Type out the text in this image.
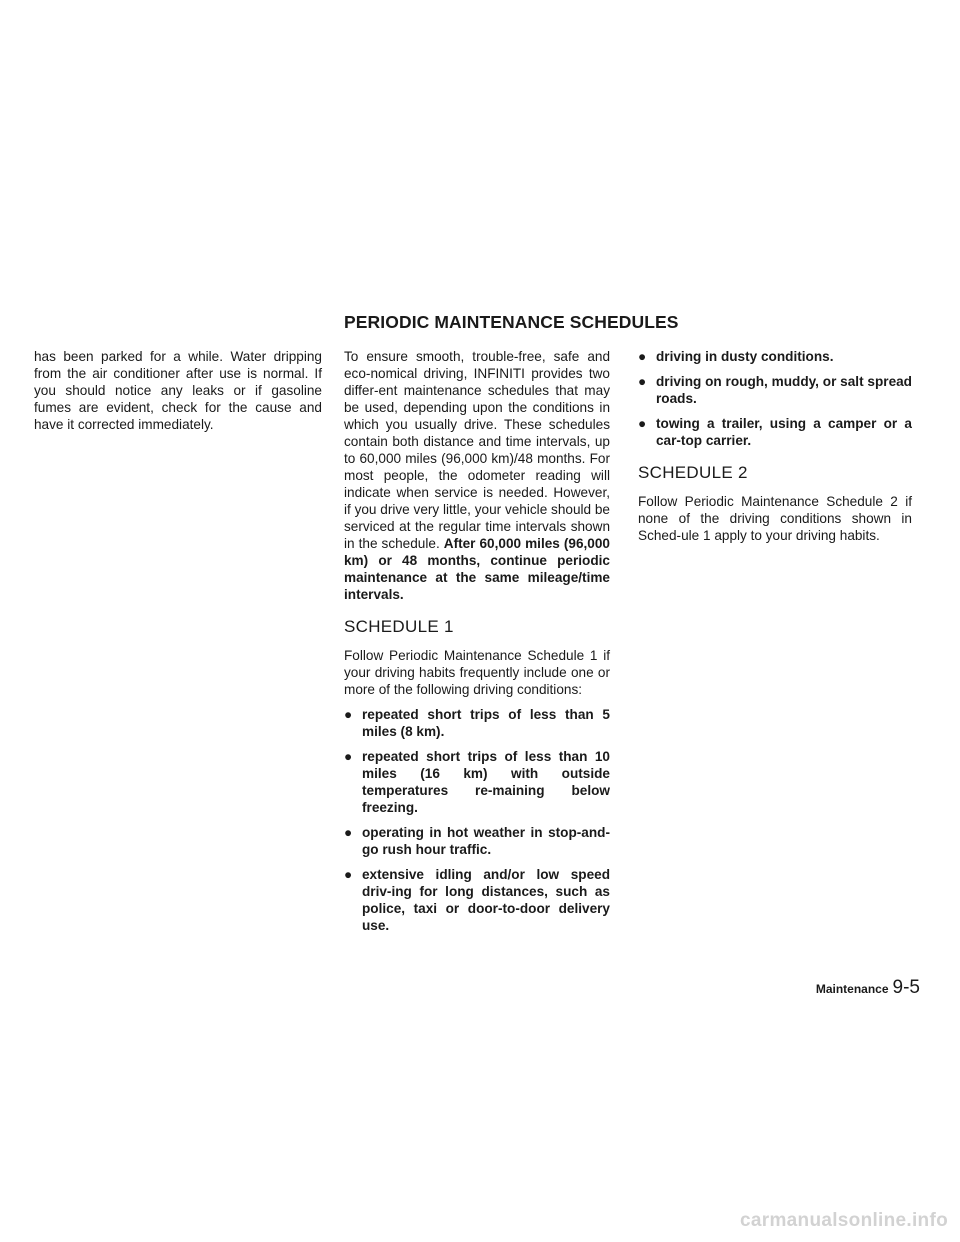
has been parked for a while. Water dripping from the air conditioner after use is normal. If you should notice any leaks or if gasoline fumes are evident, check for the cause and have it corrected immediately.

PERIODIC MAINTENANCE SCHEDULES

To ensure smooth, trouble-free, safe and eco-nomical driving, INFINITI provides two differ-ent maintenance schedules that may be used, depending upon the conditions in which you usually drive. These schedules contain both distance and time intervals, up to 60,000 miles (96,000 km)/48 months. For most people, the odometer reading will indicate when service is needed. However, if you drive very little, your vehicle should be serviced at the regular time intervals shown in the schedule. After 60,000 miles (96,000 km) or 48 months, continue periodic maintenance at the same mileage/time intervals.

SCHEDULE 1

Follow Periodic Maintenance Schedule 1 if your driving habits frequently include one or more of the following driving conditions:

● repeated short trips of less than 5 miles (8 km).
● repeated short trips of less than 10 miles (16 km) with outside temperatures re-maining below freezing.
● operating in hot weather in stop-and-go rush hour traffic.
● extensive idling and/or low speed driv-ing for long distances, such as police, taxi or door-to-door delivery use.
● driving in dusty conditions.
● driving on rough, muddy, or salt spread roads.
● towing a trailer, using a camper or a car-top carrier.
SCHEDULE 2

Follow Periodic Maintenance Schedule 2 if none of the driving conditions shown in Sched-ule 1 apply to your driving habits.

Maintenance 9-5
carmanualsonline.info
